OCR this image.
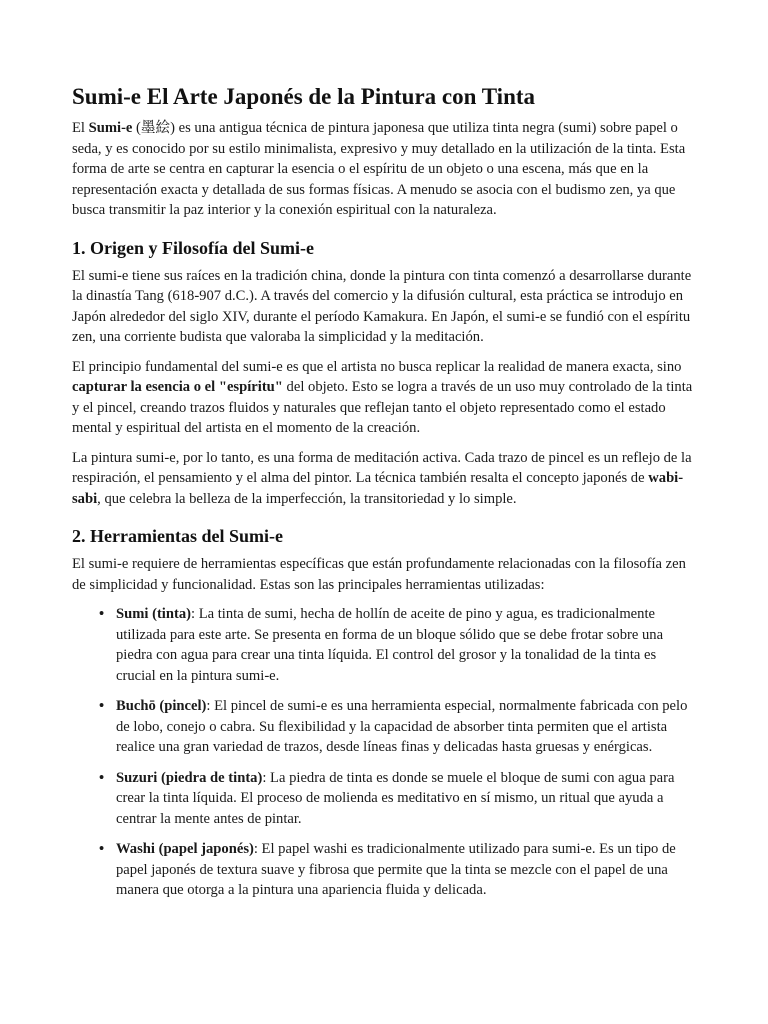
Sumi-e El Arte Japonés de la Pintura con Tinta

El Sumi-e (墨絵) es una antigua técnica de pintura japonesa que utiliza tinta negra (sumi) sobre papel o seda, y es conocido por su estilo minimalista, expresivo y muy detallado en la utilización de la tinta. Esta forma de arte se centra en capturar la esencia o el espíritu de un objeto o una escena, más que en la representación exacta y detallada de sus formas físicas. A menudo se asocia con el budismo zen, ya que busca transmitir la paz interior y la conexión espiritual con la naturaleza.

1. Origen y Filosofía del Sumi-e

El sumi-e tiene sus raíces en la tradición china, donde la pintura con tinta comenzó a desarrollarse durante la dinastía Tang (618-907 d.C.). A través del comercio y la difusión cultural, esta práctica se introdujo en Japón alrededor del siglo XIV, durante el período Kamakura. En Japón, el sumi-e se fundió con el espíritu zen, una corriente budista que valoraba la simplicidad y la meditación.

El principio fundamental del sumi-e es que el artista no busca replicar la realidad de manera exacta, sino capturar la esencia o el "espíritu" del objeto. Esto se logra a través de un uso muy controlado de la tinta y el pincel, creando trazos fluidos y naturales que reflejan tanto el objeto representado como el estado mental y espiritual del artista en el momento de la creación.

La pintura sumi-e, por lo tanto, es una forma de meditación activa. Cada trazo de pincel es un reflejo de la respiración, el pensamiento y el alma del pintor. La técnica también resalta el concepto japonés de wabi-sabi, que celebra la belleza de la imperfección, la transitoriedad y lo simple.

2. Herramientas del Sumi-e

El sumi-e requiere de herramientas específicas que están profundamente relacionadas con la filosofía zen de simplicidad y funcionalidad. Estas son las principales herramientas utilizadas:

• Sumi (tinta): La tinta de sumi, hecha de hollín de aceite de pino y agua, es tradicionalmente utilizada para este arte. Se presenta en forma de un bloque sólido que se debe frotar sobre una piedra con agua para crear una tinta líquida. El control del grosor y la tonalidad de la tinta es crucial en la pintura sumi-e.
• Buchō (pincel): El pincel de sumi-e es una herramienta especial, normalmente fabricada con pelo de lobo, conejo o cabra. Su flexibilidad y la capacidad de absorber tinta permiten que el artista realice una gran variedad de trazos, desde líneas finas y delicadas hasta gruesas y enérgicas.
• Suzuri (piedra de tinta): La piedra de tinta es donde se muele el bloque de sumi con agua para crear la tinta líquida. El proceso de molienda es meditativo en sí mismo, un ritual que ayuda a centrar la mente antes de pintar.
• Washi (papel japonés): El papel washi es tradicionalmente utilizado para sumi-e. Es un tipo de papel japonés de textura suave y fibrosa que permite que la tinta se mezcle con el papel de una manera que otorga a la pintura una apariencia fluida y delicada.
